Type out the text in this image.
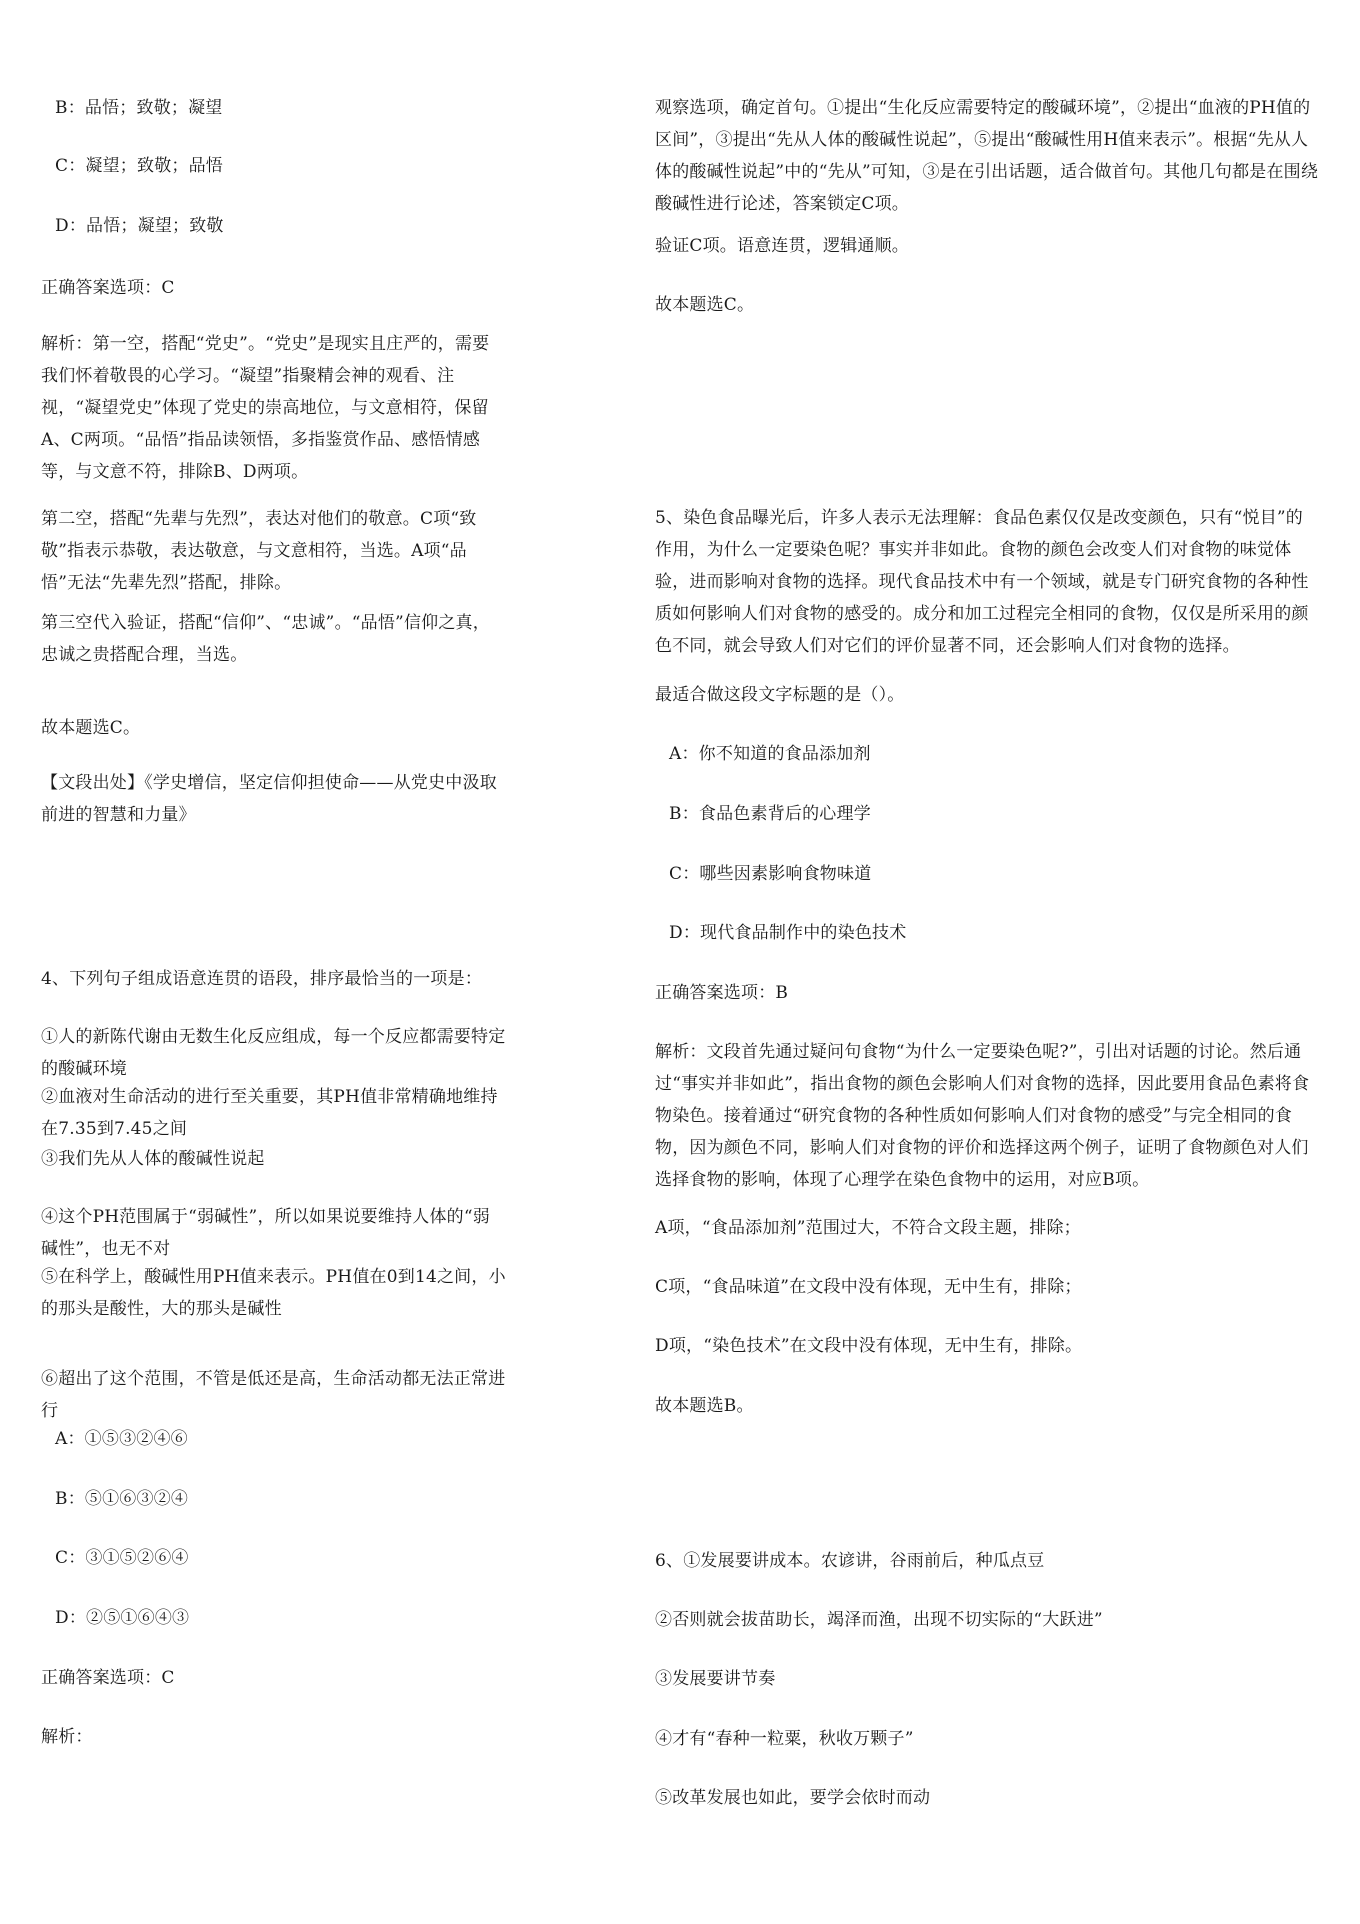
B：品悟；致敬；凝望
C：凝望；致敬；品悟
D：品悟；凝望；致敬
正确答案选项：C
解析：第一空，搭配“党史”。“党史”是现实且庄严的，需要我们怀着敬畏的心学习。“凝望”指聚精会神的观看、注视，“凝望党史”体现了党史的崇高地位，与文意相符，保留A、C两项。“品悟”指品读领悟，多指鉴赏作品、感悟情感等，与文意不符，排除B、D两项。
第二空，搭配“先辈与先烈”，表达对他们的敬意。C项“致敬”指表示恭敬，表达敬意，与文意相符，当选。A项“品悟”无法“先辈先烈”搭配，排除。
第三空代入验证，搭配“信仰”、“忠诚”。“品悟”信仰之真，忠诚之贵搭配合理，当选。
故本题选C。
【文段出处】《学史增信，坚定信仰担使命——从党史中汲取前进的智慧和力量》
4、下列句子组成语意连贯的语段，排序最恰当的一项是：
①人的新陈代谢由无数生化反应组成，每一个反应都需要特定的酸碱环境
②血液对生命活动的进行至关重要，其PH值非常精确地维持在7.35到7.45之间
③我们先从人体的酸碱性说起
④这个PH范围属于“弱碱性”，所以如果说要维持人体的“弱碱性”，也无不对
⑤在科学上，酸碱性用PH值来表示。PH值在0到14之间，小的那头是酸性，大的那头是碱性
⑥超出了这个范围，不管是低还是高，生命活动都无法正常进行
A：①⑤③②④⑥
B：⑤①⑥③②④
C：③①⑤②⑥④
D：②⑤①⑥④③
正确答案选项：C
解析：
观察选项，确定首句。①提出“生化反应需要特定的酸碱环境”，②提出“血液的PH值的区间”，③提出“先从人体的酸碱性说起”，⑤提出“酸碱性用H值来表示”。根据“先从人体的酸碱性说起”中的“先从”可知，③是在引出话题，适合做首句。其他几句都是在围绕酸碱性进行论述，答案锁定C项。
验证C项。语意连贯，逻辑通顺。
故本题选C。
5、染色食品曝光后，许多人表示无法理解：食品色素仅仅是改变颜色，只有“悦目”的作用，为什么一定要染色呢？事实并非如此。食物的颜色会改变人们对食物的味觉体验，进而影响对食物的选择。现代食品技术中有一个领域，就是专门研究食物的各种性质如何影响人们对食物的感受的。成分和加工过程完全相同的食物，仅仅是所采用的颜色不同，就会导致人们对它们的评价显著不同，还会影响人们对食物的选择。
最适合做这段文字标题的是（）。
A：你不知道的食品添加剂
B：食品色素背后的心理学
C：哪些因素影响食物味道
D：现代食品制作中的染色技术
正确答案选项：B
解析：文段首先通过疑问句食物“为什么一定要染色呢?”，引出对话题的讨论。然后通过“事实并非如此”，指出食物的颜色会影响人们对食物的选择，因此要用食品色素将食物染色。接着通过“研究食物的各种性质如何影响人们对食物的感受”与完全相同的食物，因为颜色不同，影响人们对食物的评价和选择这两个例子，证明了食物颜色对人们选择食物的影响，体现了心理学在染色食物中的运用，对应B项。
A项，“食品添加剂”范围过大，不符合文段主题，排除；
C项，“食品味道”在文段中没有体现，无中生有，排除；
D项，“染色技术”在文段中没有体现，无中生有，排除。
故本题选B。
6、①发展要讲成本。农谚讲，谷雨前后，种瓜点豆
②否则就会拔苗助长，竭泽而渔，出现不切实际的“大跃进”
③发展要讲节奏
④才有“春种一粒粟，秋收万颗子”
⑤改革发展也如此，要学会依时而动
